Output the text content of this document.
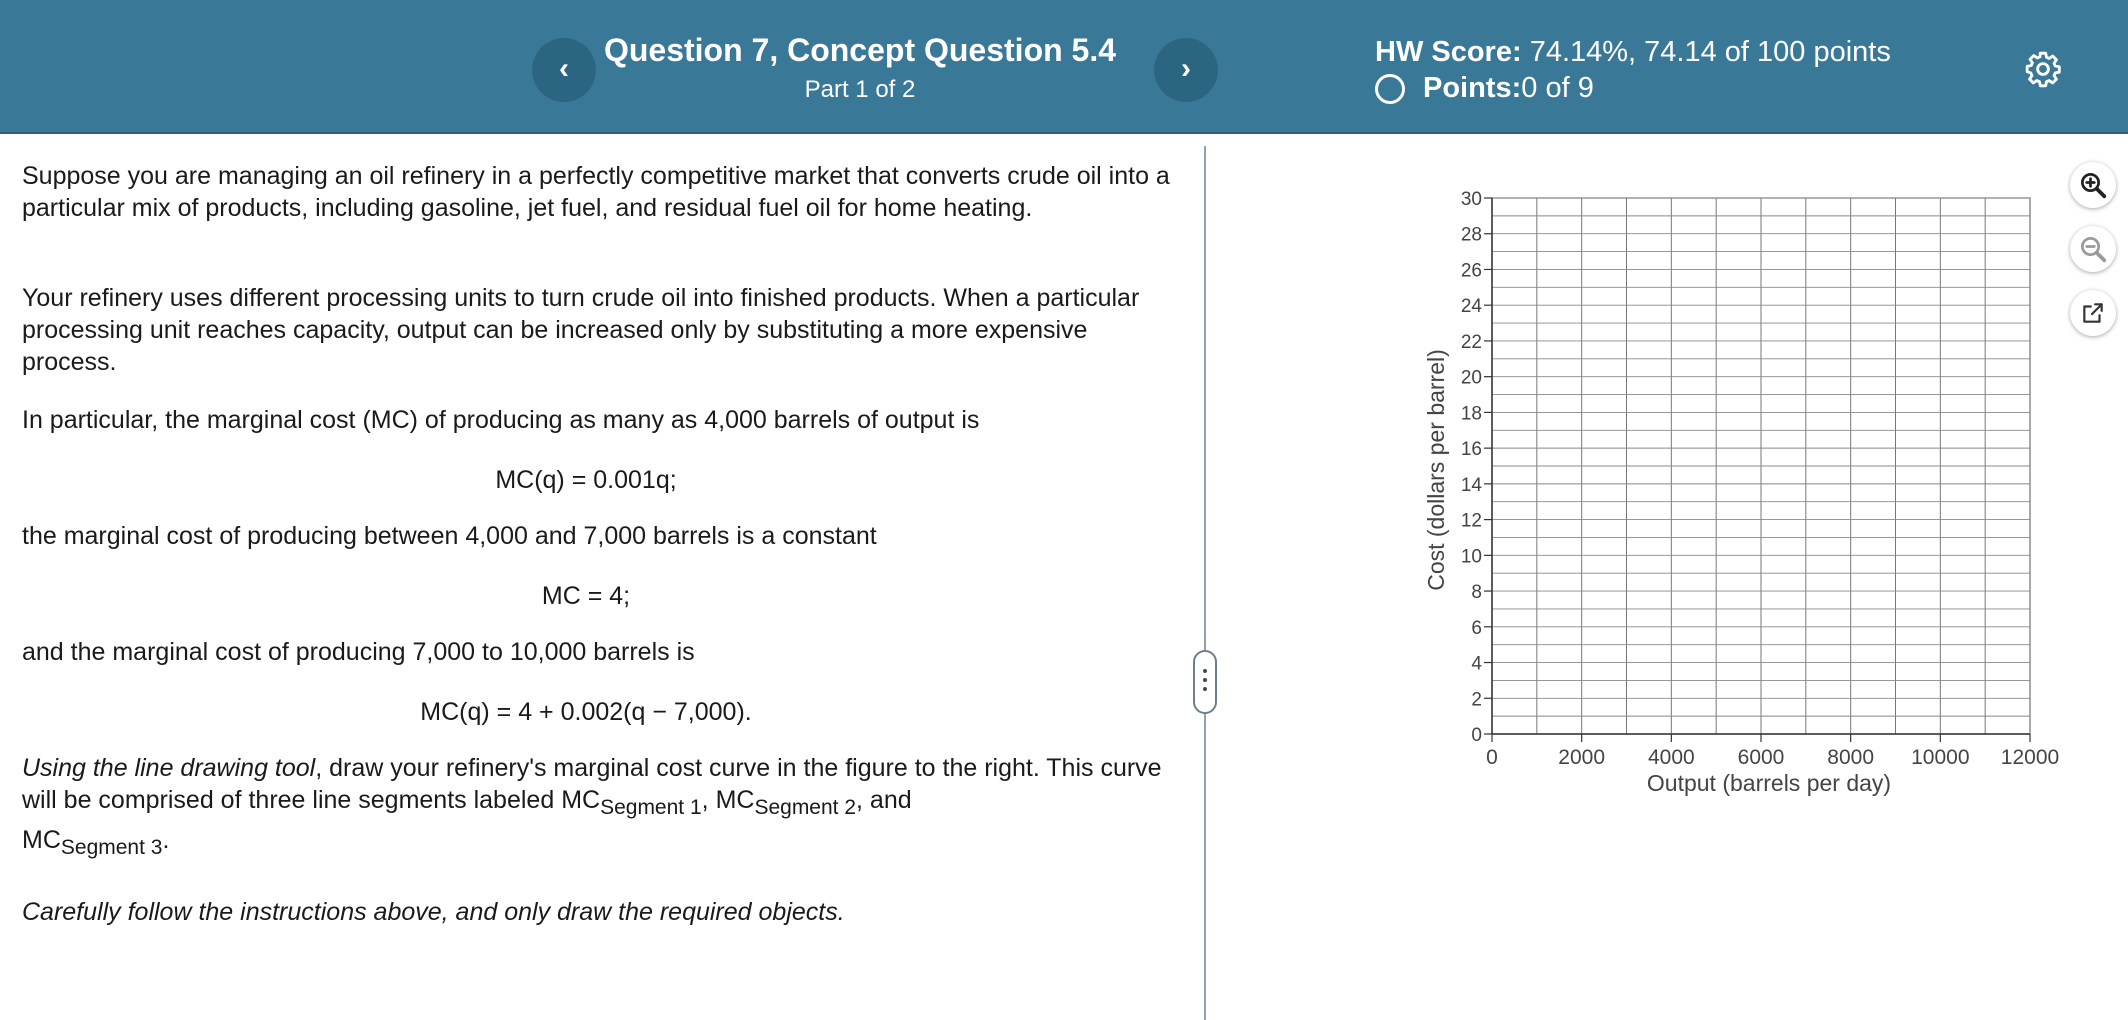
‹
Question 7, Concept Question 5.4
Part 1 of 2
›	HW Score: 74.14%, 74.14 of 100 points
Points: 0 of 9

Suppose you are managing an oil refinery in a perfectly competitive market that converts crude oil into a particular mix of products, including gasoline, jet fuel, and residual fuel oil for home heating.

Your refinery uses different processing units to turn crude oil into finished products. When a particular processing unit reaches capacity, output can be increased only by substituting a more expensive process.

In particular, the marginal cost (MC) of producing as many as 4,000 barrels of output is

MC(q) = 0.001q;

the marginal cost of producing between 4,000 and 7,000 barrels is a constant

MC = 4;

and the marginal cost of producing 7,000 to 10,000 barrels is

MC(q) = 4 + 0.002(q − 7,000).

Using the line drawing tool, draw your refinery's marginal cost curve in the figure to the right. This curve will be comprised of three line segments labeled $MC_{Segment 1}$, $MC_{Segment 2}$, and
$MC_{Segment 3}$.

Carefully follow the instructions above, and only draw the required objects.

0
2
4
6
8
10
12
14
16
18
20
22
24
26
28
30
0	2000 4000 6000 8000 10000 12000
Output (barrels per day)
Cost (dollars per barrel)
